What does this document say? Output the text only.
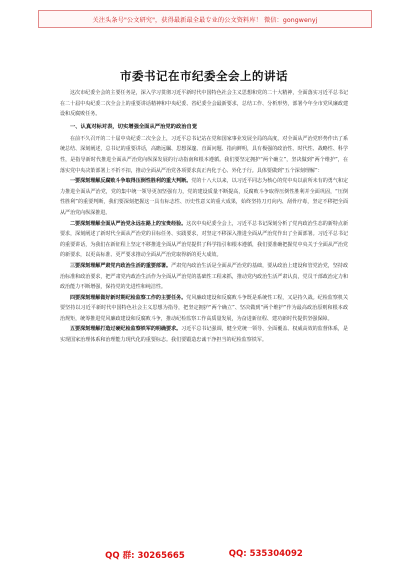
关注头条号"公文研究"，获得最新最全最专业的公文资料库！ 微信：gongwenyj
市委书记在市纪委全会上的讲话

这次市纪委全会的主要任务是，深入学习贯彻习近平新时代中国特色社会主义思想和党的二十大精神，全面落实习近平总书记在二十届中央纪委二次全会上的重要讲话精神和中央纪委、省纪委全会最新要求，总结工作、分析形势，部署今年全市党风廉政建设和反腐败任务。

一、认真对标对表，切实增强全面从严治党的政治自觉

在前不久召开的二十届中央纪委二次全会上，习近平总书记站在党和国家事业发展全局的高度，对全面从严治党形势作出了系统总结、深刻阐述，总书记的重要讲话，高瞻远瞩、思想深邃、直面问题、指向鲜明，具有极强的政治性、时代性、战略性、科学性，是指导新时代推进全面从严治党向纵深发展的行动指南和根本遵循。我们要坚定拥护“两个确立”，坚决做到“两个维护”，在落实党中央决策部署上不折不扣，推动全面从严治党各项要求真正内化于心、外化于行。具体要做到“五个深刻理解”：

一要深刻理解反腐败斗争取得压倒性胜利的重大判断。党的十八大以来，以习近平同志为核心的党中央以前所未有的勇气和定力推进全面从严治党，党的集中统一领导更加坚强有力，党的建设质量不断提高，反腐败斗争取得压倒性胜利并全面巩固，“压倒性胜利”的重要判断，我们要深刻把握这一具有标志性、历史性意义的重大成果，始终坚持刀刃向内、刮骨疗毒，坚定不移把全面从严治党向纵深推进。

二要深刻理解全面从严治党永远在路上的宝贵经验。这次中央纪委全会上，习近平总书记深刻分析了党内政治生态的新特点新要求，深刻阐述了新时代全面从严治党的目标任务、实践要求，对坚定不移深入推进全面从严治党作出了全面部署。习近平总书记的重要讲话，为我们在新征程上坚定不移推进全面从严治党提供了科学指引和根本遵循，我们要准确把握党中央关于全面从严治党的新要求，以更高标准、更严要求推动全面从严治党取得新的更大成效。

三要深刻理解严肃党内政治生活的重要部署。严肃党内政治生活是全面从严治党的基础，要从政治上建设和管党治党，坚持政治标准和政治要求，把严肃党内政治生活作为全面从严治党的基础性工程来抓，推动党内政治生活严肃认真，党员干部政治定力和政治能力不断增强，保持党的先进性和纯洁性。

四要深刻理解做好新时期纪检监察工作的主要任务。党风廉政建设和反腐败斗争既是系统性工程，又是持久战。纪检监察机关要坚持以习近平新时代中国特色社会主义思想为指导，把坚定拥护“两个确立”、坚决做到“两个维护”作为最高政治原则和根本政治规矩，统筹推进党风廉政建设和反腐败斗争，推动纪检监察工作高质量发展，为奋进新征程、建功新时代提供坚强保障。

五要深刻理解打造过硬纪检监察铁军的明确要求。习近平总书记强调，健全党统一领导、全面覆盖、权威高效的监督体系，是实现国家治理体系和治理能力现代化的重要标志。我们要锻造忠诚干净担当的纪检监察铁军。

QQ 群: 30265665	QQ: 535304092
